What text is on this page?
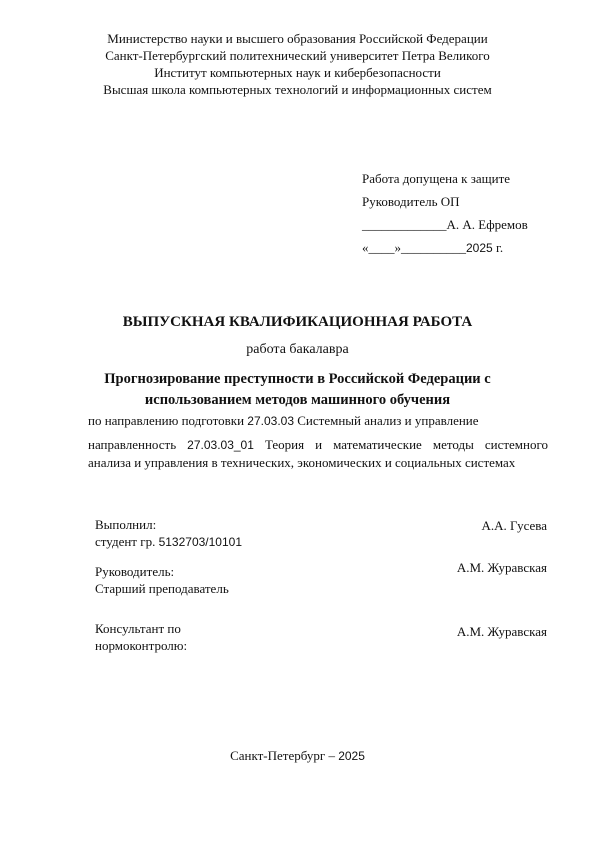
Министерство науки и высшего образования Российской Федерации
Санкт-Петербургский политехнический университет Петра Великого
Институт компьютерных наук и кибербезопасности
Высшая школа компьютерных технологий и информационных систем
Работа допущена к защите
Руководитель ОП
_____________А. А. Ефремов
«____»__________2025 г.
ВЫПУСКНАЯ КВАЛИФИКАЦИОННАЯ РАБОТА
работа бакалавра
Прогнозирование преступности в Российской Федерации с
использованием методов машинного обучения
по направлению подготовки 27.03.03 Системный анализ и управление
направленность 27.03.03_01 Теория и математические методы системного
анализа и управления в технических, экономических и социальных системах
Выполнил:
студент гр. 5132703/10101
А.А. Гусева
Руководитель:
Старший преподаватель
А.М. Журавская
Консультант по
нормоконтролю:
А.М. Журавская
Санкт-Петербург – 2025
